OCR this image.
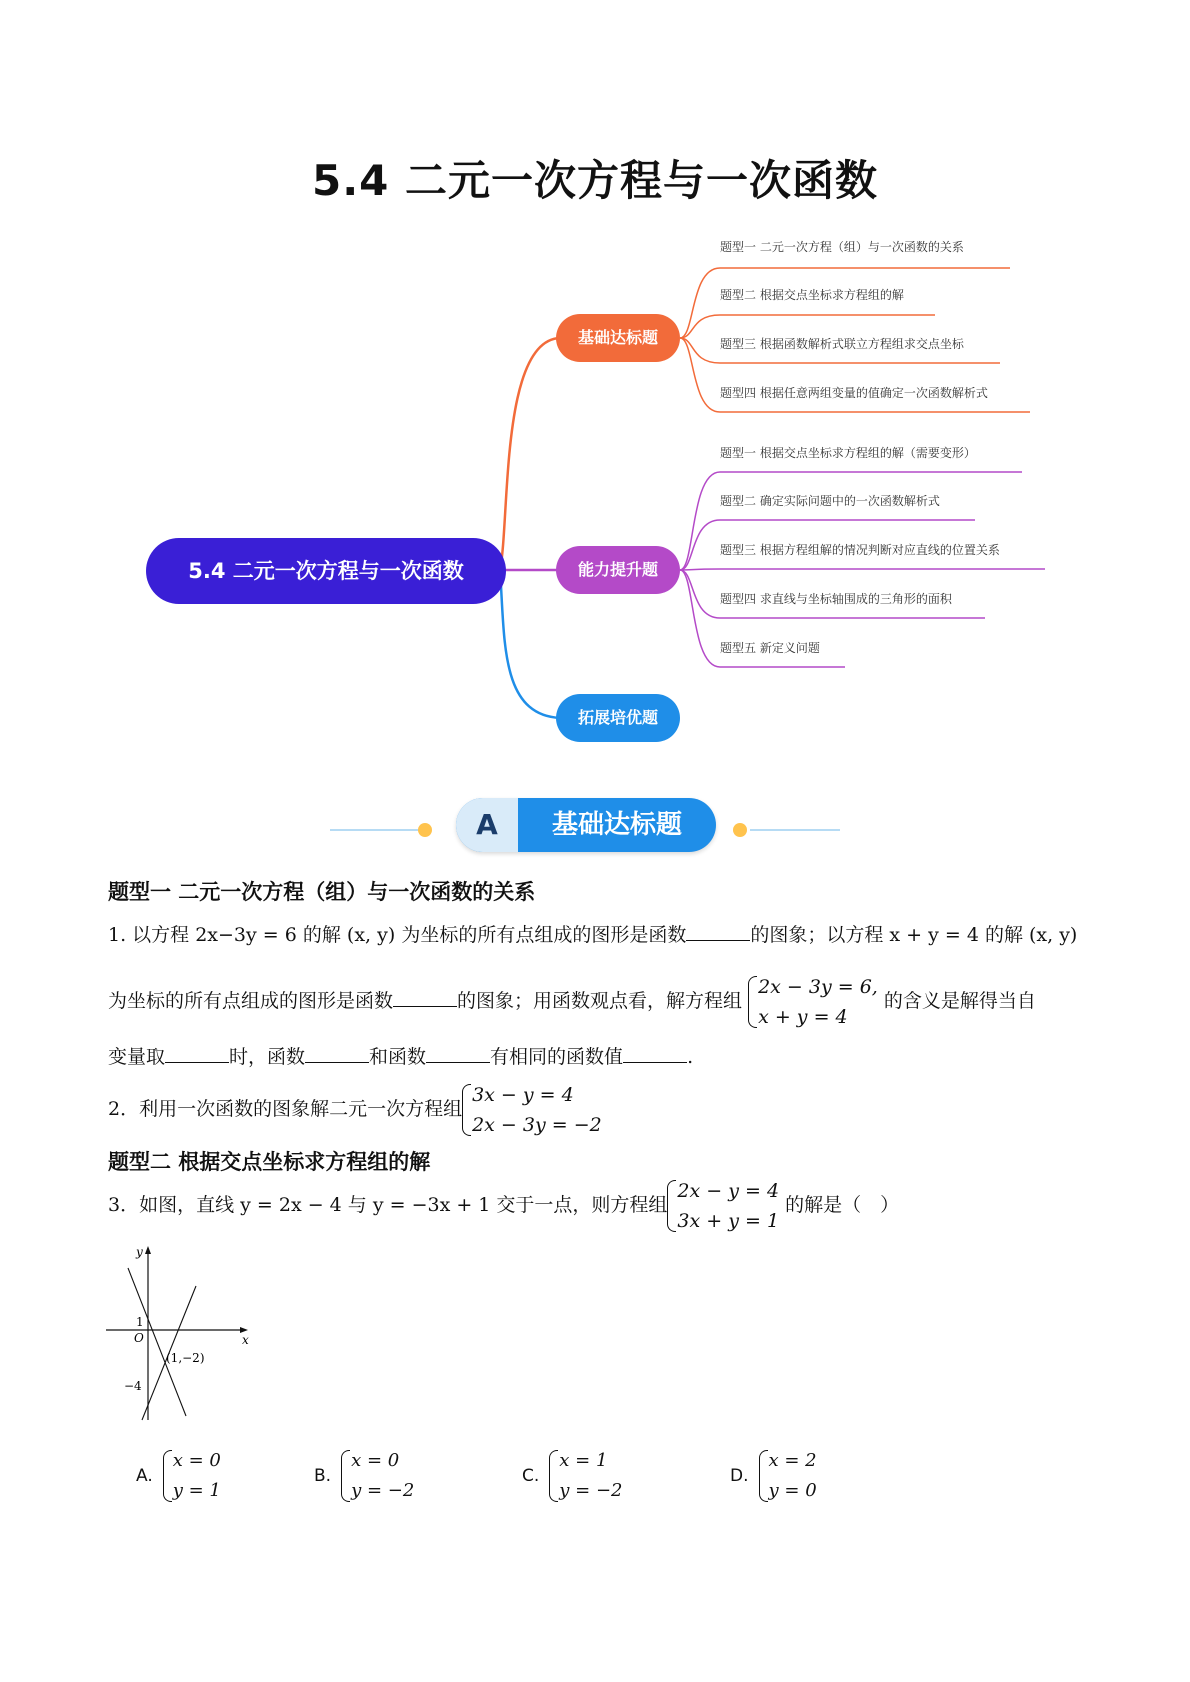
5.4 二元一次方程与一次函数
5.4 二元一次方程与一次函数
基础达标题
能力提升题
拓展培优题
题型一 二元一次方程（组）与一次函数的关系
题型二 根据交点坐标求方程组的解
题型三 根据函数解析式联立方程组求交点坐标
题型四 根据任意两组变量的值确定一次函数解析式
题型一 根据交点坐标求方程组的解（需要变形）
题型二 确定实际问题中的一次函数解析式
题型三 根据方程组解的情况判断对应直线的位置关系
题型四 求直线与坐标轴围成的三角形的面积
题型五 新定义问题
A	基础达标题
题型一 二元一次方程（组）与一次函数的关系
1. 以方程 2x−3y = 6 的解 (x, y) 为坐标的所有点组成的图形是函数	的图象；以方程 x + y = 4 的解 (x, y)
为坐标的所有点组成的图形是函数	的图象；用函数观点看，解方程组
2x − 3y = 6,
x + y = 4
的含义是解得当自
变量取	时，函数	和函数	有相同的函数值	.
2．利用一次函数的图象解二元一次方程组
3x − y = 4
2x − 3y = −2
题型二 根据交点坐标求方程组的解
3．如图，直线 y = 2x − 4 与 y = −3x + 1 交于一点，则方程组
2x − y = 4
3x + y = 1
的解是（　）
y
x
O
1
−4
(1,−2)
A.
x = 0
y = 1
B.
x = 0
y = −2
C.
x = 1
y = −2
D.
x = 2
y = 0
